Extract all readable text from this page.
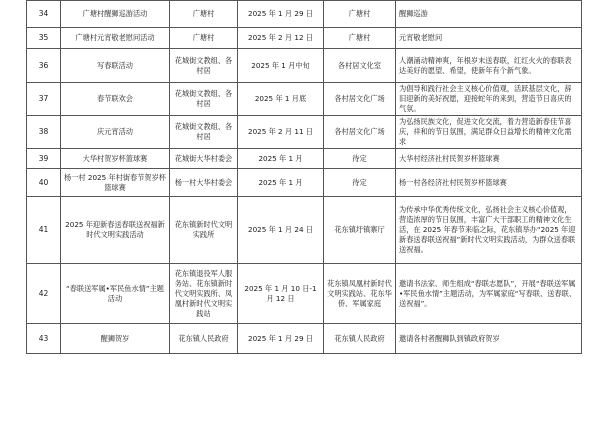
34	广塘村醒狮巡游活动	广塘村	2025 年 1 月 29 日	广塘村	醒狮巡游
35	广塘村元宵敬老慰问活动	广塘村	2025 年 2 月 12 日	广塘村	元宵敬老慰问
36	写春联活动	花城街文教组、各村居	2025 年 1 月中旬	各村居文化室	人潮涌动精神爽，年根岁末送春联，红红火火的春联表达美好的愿望、希望，使新年有个新气象。
37	春节联欢会	花城街文教组、各村居	2025 年 1 月底	各村居文化广场	为倡导和践行社会主义核心价值观，活跃基层文化，辞旧迎新的美好祝愿，迎接蛇年的来到，营造节日喜庆的气氛。
38	庆元宵活动	花城街文教组、各村居	2025 年 2 月 11 日	各村居文化广场	为弘扬民族文化，促进文化交流，着力营造新春佳节喜庆，祥和的节日氛围，满足群众日益增长的精神文化需求
39	大华村贺岁杯篮球赛	花城街大华村委会	2025 年 1 月	待定	大华村经济社村民贺岁杯篮球赛
40	杨一村 2025 年村街春节贺岁杯篮球赛	杨一村大华村委会	2025 年 1 月	待定	杨一村各经济社村民贺岁杯篮球赛
41	2025 年迎新春送春联送祝福新时代文明实践活动	花东镇新时代文明实践所	2025 年 1 月 24 日	花东镇圩镇寨厅	为传承中华优秀传统文化，弘扬社会主义核心价值观，营造浓厚的节日氛围，丰富广大干部职工的精神文化生活，在 2025 年春节来临之际，花东镇举办“2025 年迎新春送春联送祝福”新时代文明实践活动，为群众送春联送祝福。
42	“春联送军属•军民鱼水情”主题活动	花东镇退役军人服务站、花东镇新时代文明实践所、凤凰村新时代文明实践站	2025 年 1 月 10 日-1 月 12 日	花东镇凤凰村新时代文明实践站、花东华侨、军属家庭	邀请书法家、师生组成“春联志愿队”，开展“春联送军属•军民鱼水情”主题活动，为军属家庭“写春联、送春联、送祝福”。
43	醒狮贺岁	花东镇人民政府	2025 年 1 月 29 日	花东镇人民政府	邀请各村者醒狮队到镇政府贺岁
